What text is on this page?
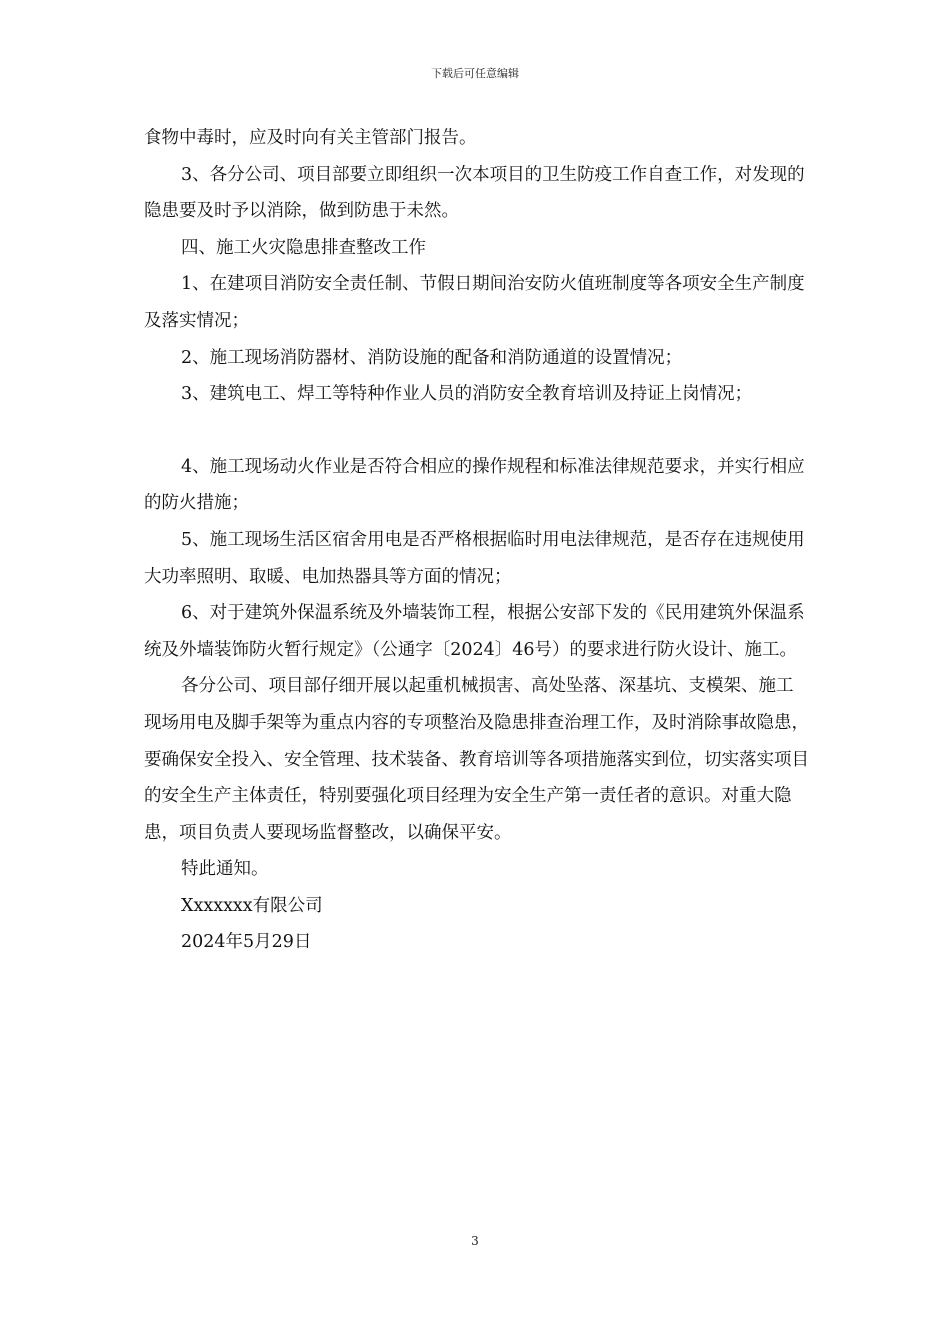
下载后可任意编辑

食物中毒时，应及时向有关主管部门报告。

3、各分公司、项目部要立即组织一次本项目的卫生防疫工作自查工作，对发现的隐患要及时予以消除，做到防患于未然。

四、施工火灾隐患排查整改工作

1、在建项目消防安全责任制、节假日期间治安防火值班制度等各项安全生产制度及落实情况；

2、施工现场消防器材、消防设施的配备和消防通道的设置情况；

3、建筑电工、焊工等特种作业人员的消防安全教育培训及持证上岗情况；

4、施工现场动火作业是否符合相应的操作规程和标准法律规范要求，并实行相应的防火措施；

5、施工现场生活区宿舍用电是否严格根据临时用电法律规范，是否存在违规使用大功率照明、取暖、电加热器具等方面的情况；

6、对于建筑外保温系统及外墙装饰工程，根据公安部下发的《民用建筑外保温系统及外墙装饰防火暂行规定》（公通字〔2024〕46号）的要求进行防火设计、施工。

各分公司、项目部仔细开展以起重机械损害、高处坠落、深基坑、支模架、施工现场用电及脚手架等为重点内容的专项整治及隐患排查治理工作，及时消除事故隐患，要确保安全投入、安全管理、技术装备、教育培训等各项措施落实到位，切实落实项目的安全生产主体责任，特别要强化项目经理为安全生产第一责任者的意识。对重大隐患，项目负责人要现场监督整改，以确保平安。

特此通知。

Xxxxxxx有限公司

2024年5月29日

3
